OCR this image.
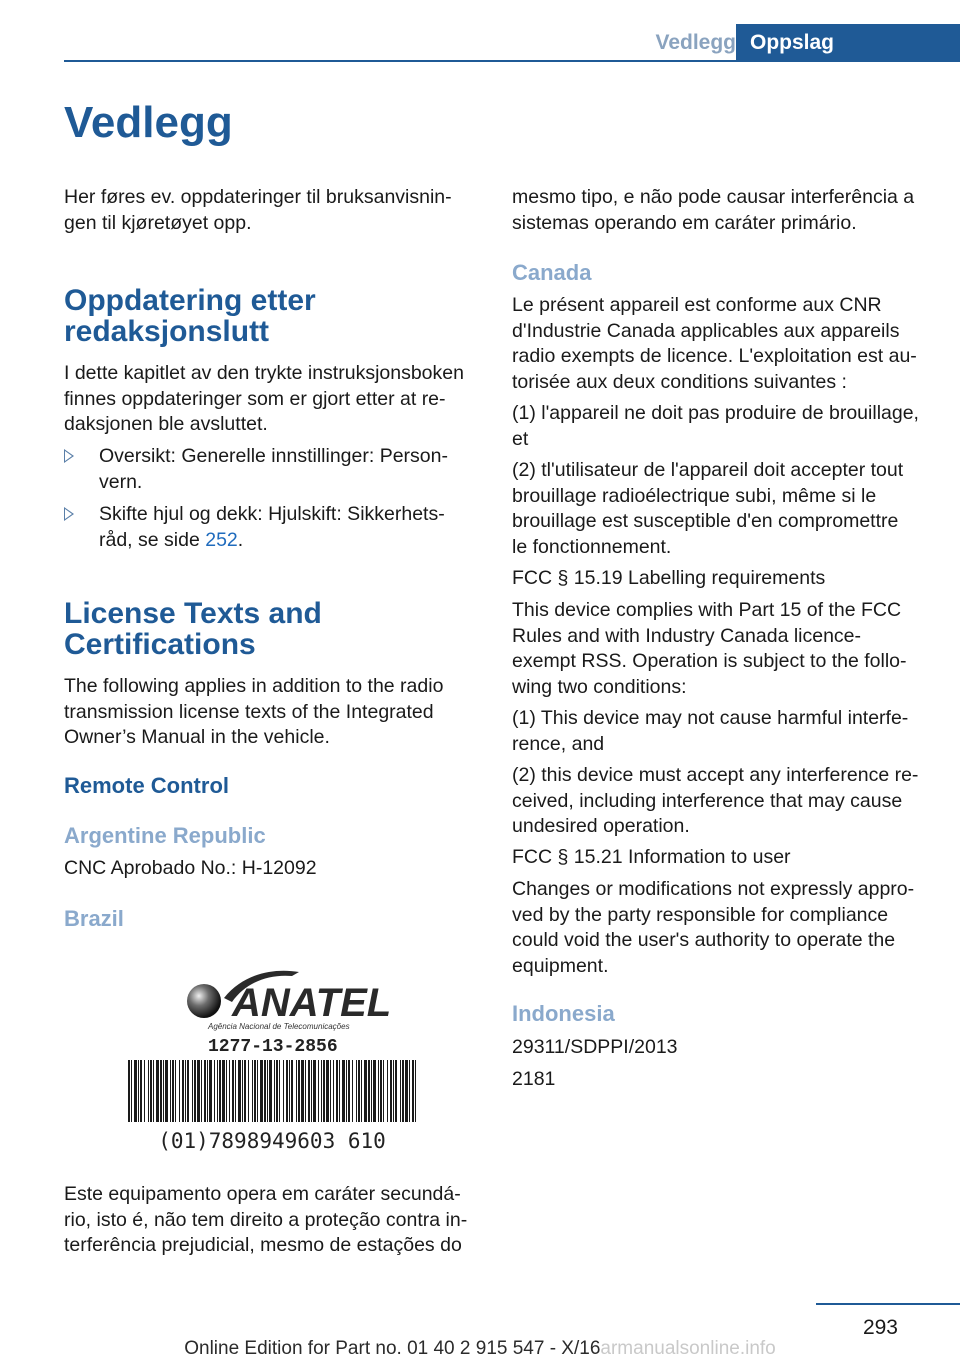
Vedlegg Oppslag
Vedlegg
Her føres ev. oppdateringer til bruksanvisnin-
gen til kjøretøyet opp.
Oppdatering etter
redaksjonslutt
I dette kapitlet av den trykte instruksjonsboken
finnes oppdateringer som er gjort etter at re-
daksjonen ble avsluttet.
Oversikt: Generelle innstillinger: Person-
vern.
Skifte hjul og dekk: Hjulskift: Sikkerhets-
råd, se side 252.
License Texts and
Certifications
The following applies in addition to the radio
transmission license texts of the Integrated
Owner’s Manual in the vehicle.
Remote Control
Argentine Republic
CNC Aprobado No.: H-12092
Brazil
ANATEL
Agência Nacional de Telecomunicações
1277-13-2856
(01)7898949603 610
Este equipamento opera em caráter secundá-
rio, isto é, não tem direito a proteção contra in-
terferência prejudicial, mesmo de estações do
mesmo tipo, e não pode causar interferência a
sistemas operando em caráter primário.
Canada
Le présent appareil est conforme aux CNR
d'Industrie Canada applicables aux appareils
radio exempts de licence. L'exploitation est au-
torisée aux deux conditions suivantes :
(1) l'appareil ne doit pas produire de brouillage,
et
(2) tl'utilisateur de l'appareil doit accepter tout
brouillage radioélectrique subi, même si le
brouillage est susceptible d'en compromettre
le fonctionnement.
FCC § 15.19 Labelling requirements
This device complies with Part 15 of the FCC
Rules and with Industry Canada licence-
exempt RSS. Operation is subject to the follo-
wing two conditions:
(1) This device may not cause harmful interfe-
rence, and
(2) this device must accept any interference re-
ceived, including interference that may cause
undesired operation.
FCC § 15.21 Information to user
Changes or modifications not expressly appro-
ved by the party responsible for compliance
could void the user's authority to operate the
equipment.
Indonesia
29311/SDPPI/2013
2181
293
Online Edition for Part no. 01 40 2 915 547 - X/16armanualsonline.info
